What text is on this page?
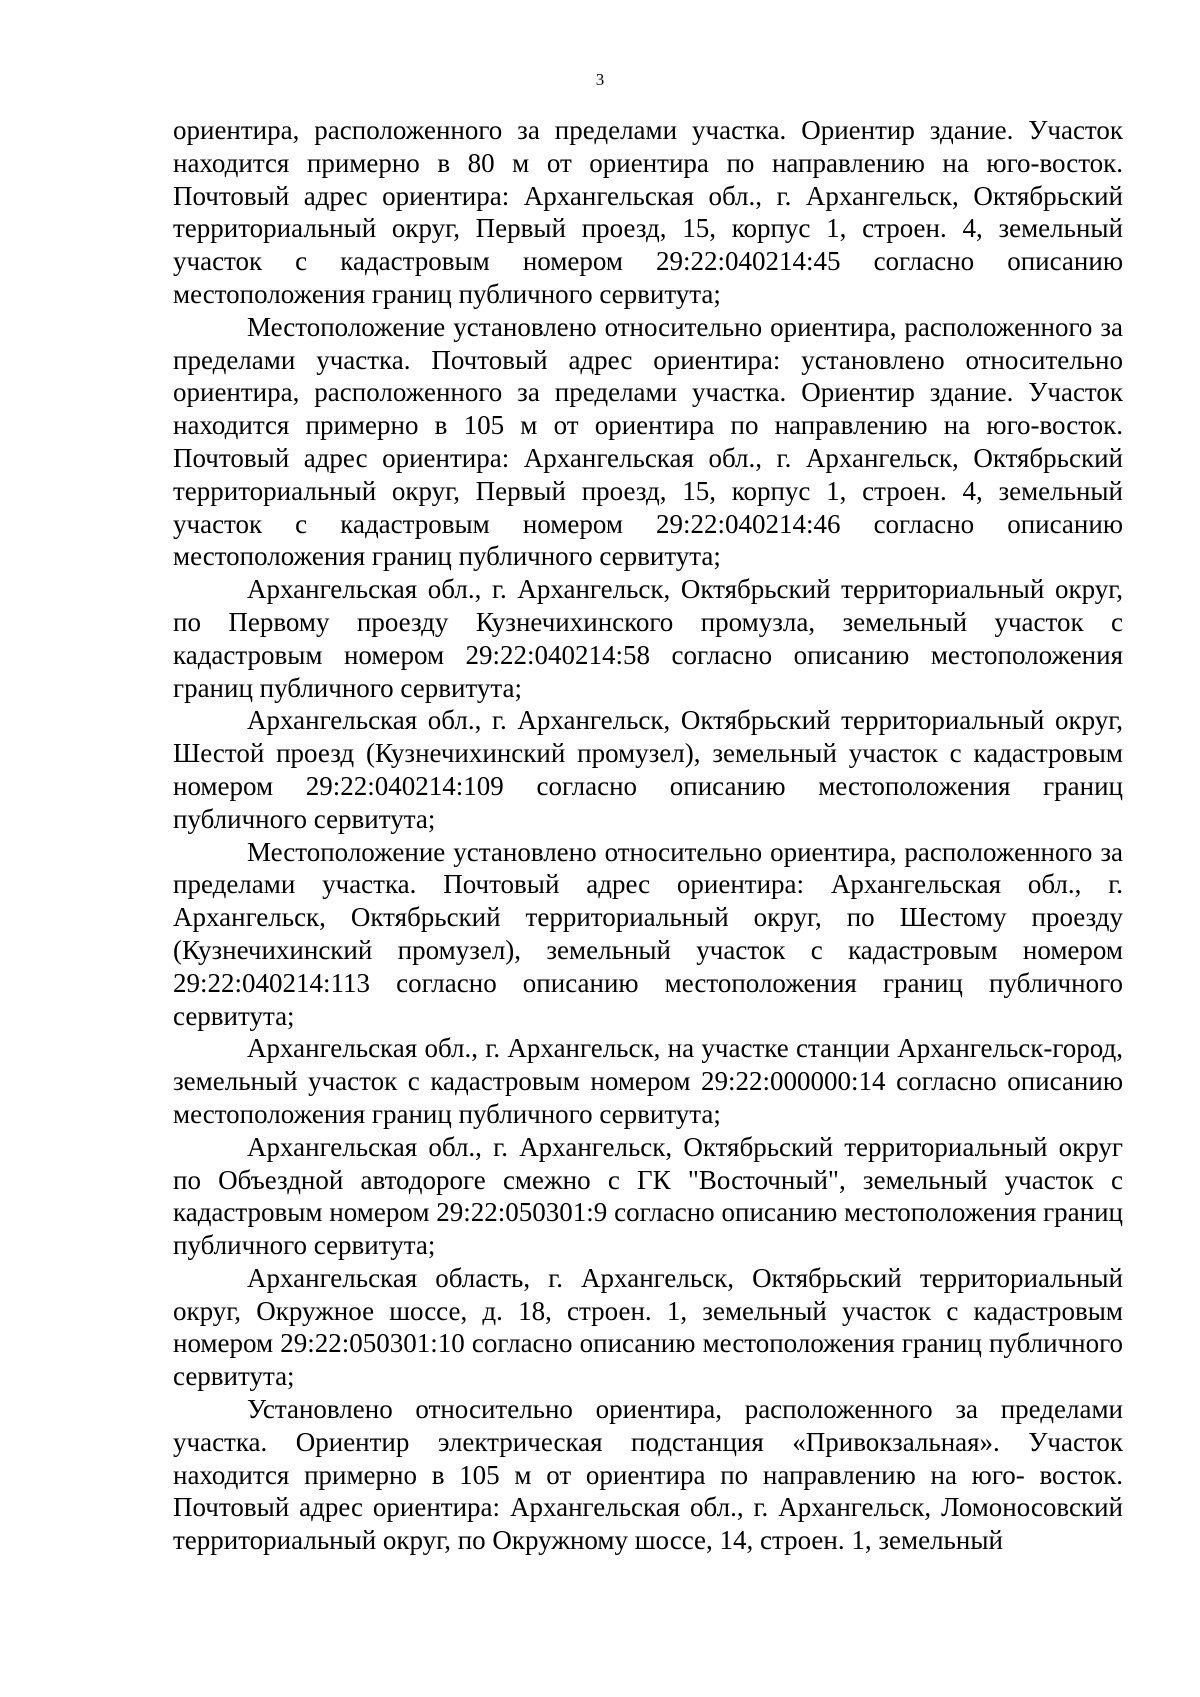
3

ориентира, расположенного за пределами участка. Ориентир здание. Участок находится примерно в 80 м от ориентира по направлению на юго-восток. Почтовый адрес ориентира: Архангельская обл., г. Архангельск, Октябрьский территориальный округ, Первый проезд, 15, корпус 1, строен. 4, земельный участок с кадастровым номером 29:22:040214:45 согласно описанию местоположения границ публичного сервитута;

Местоположение установлено относительно ориентира, расположенного за пределами участка. Почтовый адрес ориентира: установлено относительно ориентира, расположенного за пределами участка. Ориентир здание. Участок находится примерно в 105 м от ориентира по направлению на юго-восток. Почтовый адрес ориентира: Архангельская обл., г. Архангельск, Октябрьский территориальный округ, Первый проезд, 15, корпус 1, строен. 4, земельный участок с кадастровым номером 29:22:040214:46 согласно описанию местоположения границ публичного сервитута;

Архангельская обл., г. Архангельск, Октябрьский территориальный округ, по Первому проезду Кузнечихинского промузла, земельный участок с кадастровым номером 29:22:040214:58 согласно описанию местоположения границ публичного сервитута;

Архангельская обл., г. Архангельск, Октябрьский территориальный округ, Шестой проезд (Кузнечихинский промузел), земельный участок с кадастровым номером 29:22:040214:109 согласно описанию местоположения границ публичного сервитута;

Местоположение установлено относительно ориентира, расположенного за пределами участка. Почтовый адрес ориентира: Архангельская обл., г. Архангельск, Октябрьский территориальный округ, по Шестому проезду (Кузнечихинский промузел), земельный участок с кадастровым номером 29:22:040214:113 согласно описанию местоположения границ публичного сервитута;

Архангельская обл., г. Архангельск, на участке станции Архангельск-город, земельный участок с кадастровым номером 29:22:000000:14 согласно описанию местоположения границ публичного сервитута;

Архангельская обл., г. Архангельск, Октябрьский территориальный округ по Объездной автодороге смежно с ГК "Восточный", земельный участок с кадастровым номером 29:22:050301:9 согласно описанию местоположения границ публичного сервитута;

Архангельская область, г. Архангельск, Октябрьский территориальный округ, Окружное шоссе, д. 18, строен. 1, земельный участок с кадастровым номером 29:22:050301:10 согласно описанию местоположения границ публичного сервитута;

Установлено относительно ориентира, расположенного за пределами участка. Ориентир электрическая подстанция «Привокзальная». Участок находится примерно в 105 м от ориентира по направлению на юго- восток. Почтовый адрес ориентира: Архангельская обл., г. Архангельск, Ломоносовский территориальный округ, по Окружному шоссе, 14, строен. 1, земельный
